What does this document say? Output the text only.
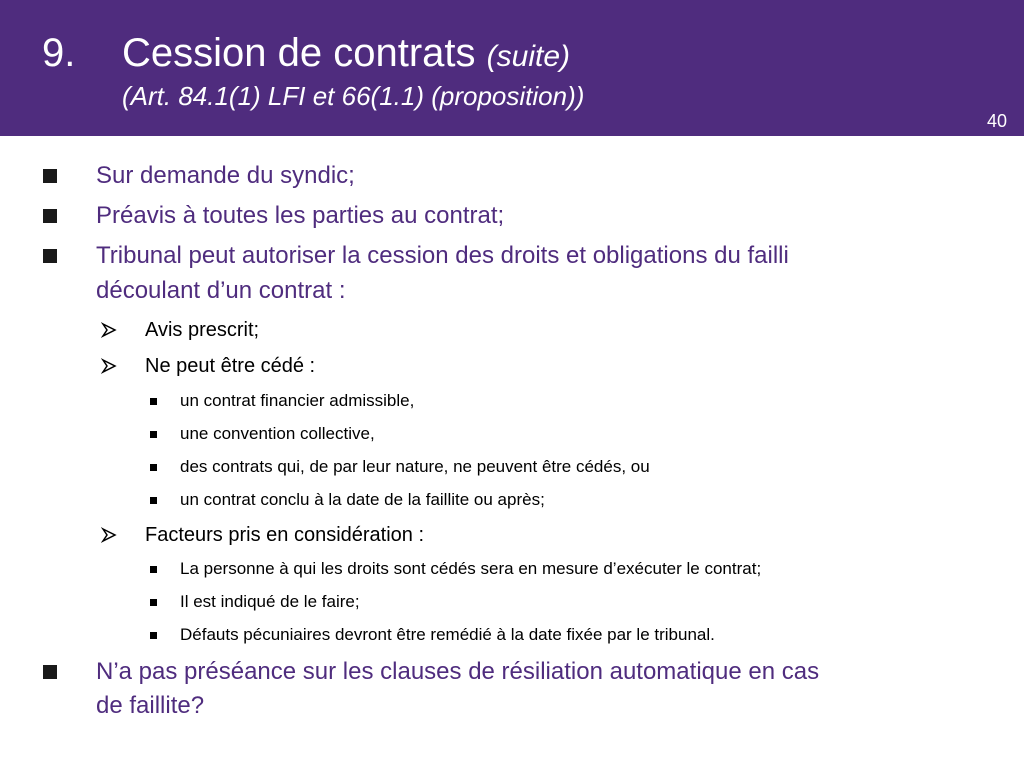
9. Cession de contrats (suite)
(Art. 84.1(1) LFI et 66(1.1) (proposition))
40
Sur demande du syndic;
Préavis à toutes les parties au contrat;
Tribunal peut autoriser la cession des droits et obligations du failli
découlant d’un contrat :
Avis prescrit;
Ne peut être cédé :
un contrat financier admissible,
une convention collective,
des contrats qui, de par leur nature, ne peuvent être cédés, ou
un contrat conclu à la date de la faillite ou après;
Facteurs pris en considération :
La personne à qui les droits sont cédés sera en mesure d’exécuter le contrat;
Il est indiqué de le faire;
Défauts pécuniaires devront être remédié à la date fixée par le tribunal.
N’a pas préséance sur les clauses de résiliation automatique en cas
de faillite?
